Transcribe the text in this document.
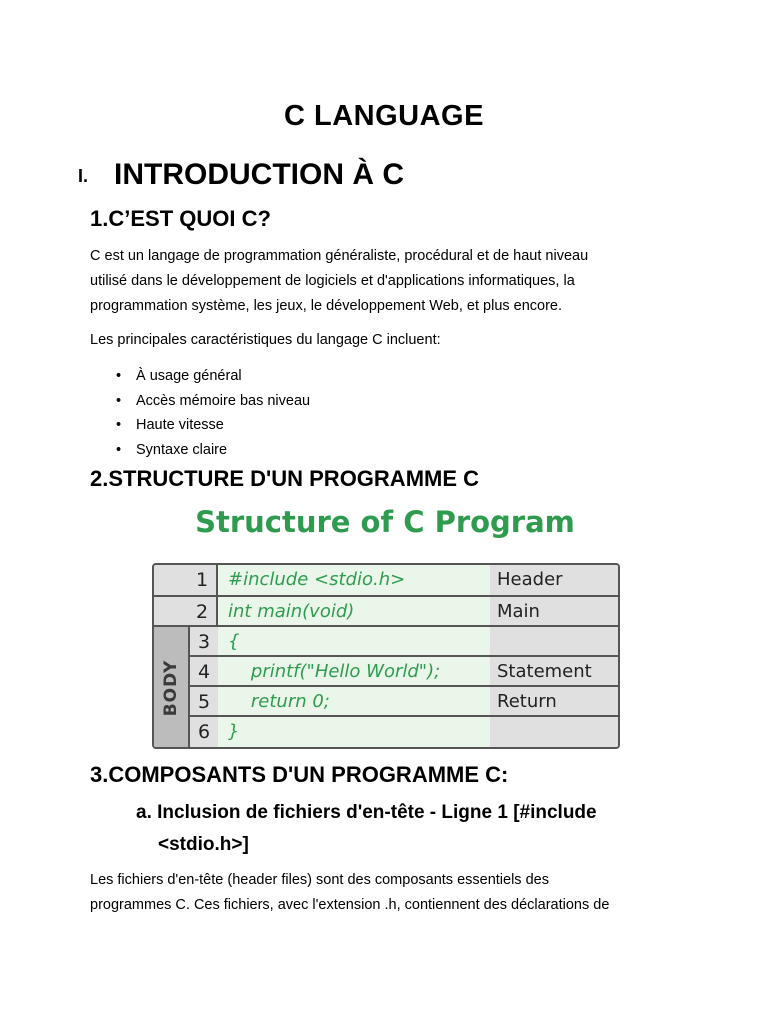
C LANGUAGE
I. INTRODUCTION À C
1.C’EST QUOI C?
C est un langage de programmation généraliste, procédural et de haut niveau
utilisé dans le développement de logiciels et d'applications informatiques, la
programmation système, les jeux, le développement Web, et plus encore.
Les principales caractéristiques du langage C incluent:
• À usage général
• Accès mémoire bas niveau
• Haute vitesse
• Syntaxe claire
2.STRUCTURE D'UN PROGRAMME C
Structure of C Program
1	#include <stdio.h>	Header
2	int main(void)	Main
BODY
3 {
4 printf("Hello World");	Statement
5 return 0;	Return
6 }
3.COMPOSANTS D'UN PROGRAMME C:
a. Inclusion de fichiers d'en-tête - Ligne 1 [#include
<stdio.h>]
Les fichiers d'en-tête (header files) sont des composants essentiels des
programmes C. Ces fichiers, avec l'extension .h, contiennent des déclarations de
